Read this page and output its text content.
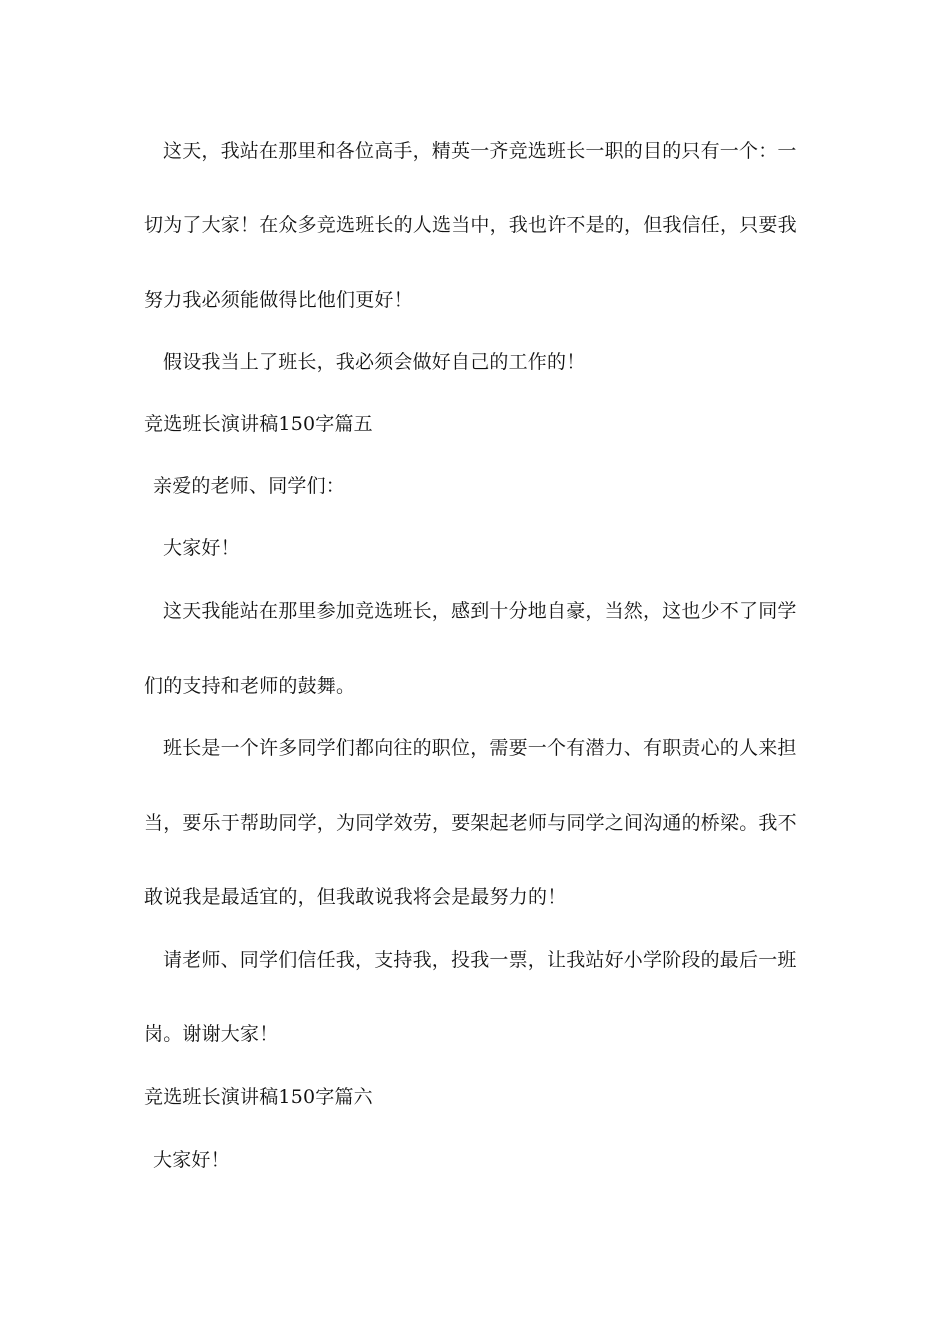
这天，我站在那里和各位高手，精英一齐竞选班长一职的目的只有一个：一
切为了大家！在众多竞选班长的人选当中，我也许不是的，但我信任，只要我
努力我必须能做得比他们更好！
假设我当上了班长，我必须会做好自己的工作的！
竞选班长演讲稿150字篇五
亲爱的老师、同学们：
大家好！
这天我能站在那里参加竞选班长，感到十分地自豪，当然，这也少不了同学
们的支持和老师的鼓舞。
班长是一个许多同学们都向往的职位，需要一个有潜力、有职责心的人来担
当，要乐于帮助同学，为同学效劳，要架起老师与同学之间沟通的桥梁。我不
敢说我是最适宜的，但我敢说我将会是最努力的！
请老师、同学们信任我，支持我，投我一票，让我站好小学阶段的最后一班
岗。谢谢大家！
竞选班长演讲稿150字篇六
大家好！
